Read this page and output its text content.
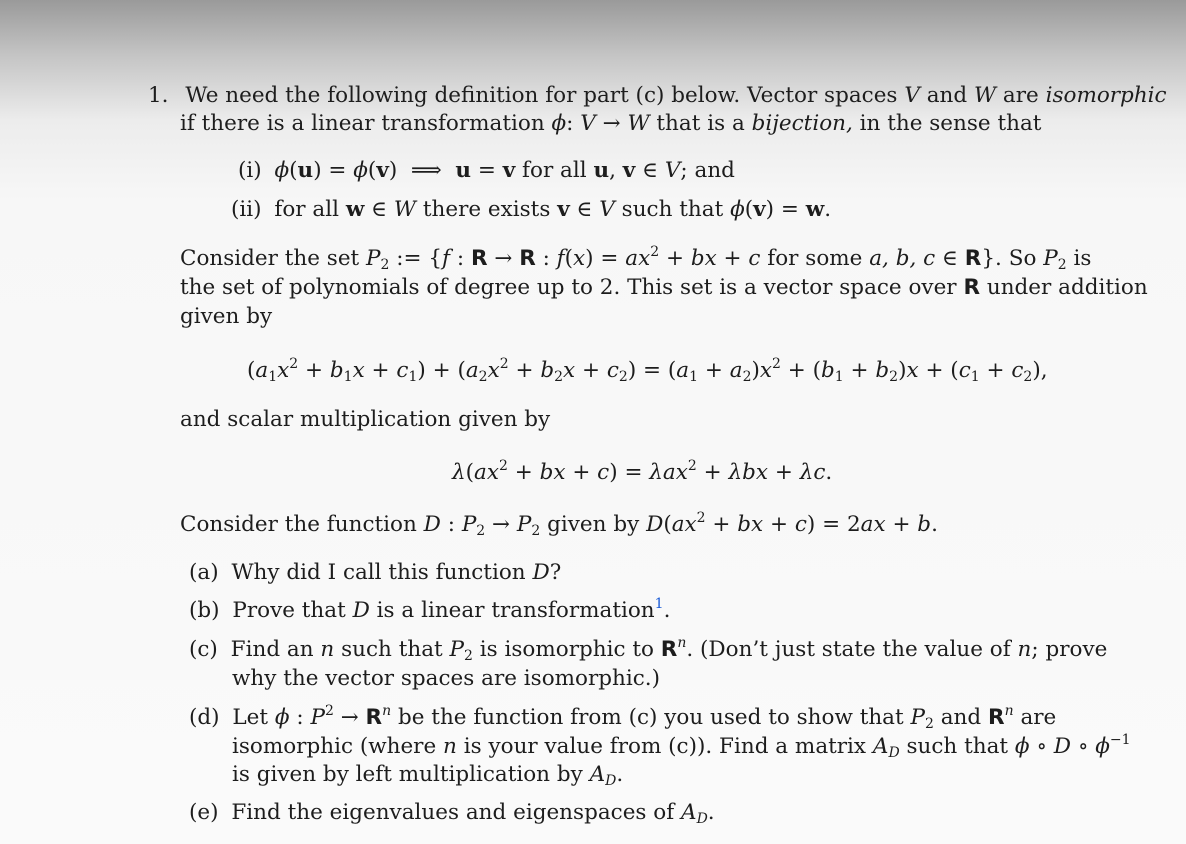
1. We need the following definition for part (c) below. Vector spaces V and W are isomorphic
if there is a linear transformation ϕ: V → W that is a bijection, in the sense that
(i) ϕ(u) = ϕ(v)  ⟹  u = v for all u, v ∈ V; and
(ii) for all w ∈ W there exists v ∈ V such that ϕ(v) = w.
Consider the set $P_2$ := {f : R → R : $f(x) = ax^2$ + bx + c for some a, b, c ∈ R}. So $P_2$ is
the set of polynomials of degree up to 2. This set is a vector space over R under addition
given by
$(a_1x^2 + b_1x + c_1) + (a_2x^2 + b_2x + c_2) = (a_1 + a_2)x^2 + (b_1 + b_2)x + (c_1 + c_2)$,
and scalar multiplication given by
$\lambda(ax^2$ + bx + c) = λax$^2$ + λbx + λc.
Consider the function D : $P_2 \to P_2$ given by $D(ax^2$ + bx + c) = 2ax + b.
(a) Why did I call this function D?
(b) Prove that D is a linear transformation$^1$.
(c) Find an n such that $P_2$ is isomorphic to $R^n$. (Don’t just state the value of n; prove
why the vector spaces are isomorphic.)
(d) Let ϕ : $P^2 \to R^n$ be the function from (c) you used to show that $P_2$ and $R^n$ are
isomorphic (where n is your value from (c)). Find a matrix $A_D$ such that ϕ ∘ D ∘ $\phi^{-1}$
is given by left multiplication by $A_D$.
(e) Find the eigenvalues and eigenspaces of $A_D$.
